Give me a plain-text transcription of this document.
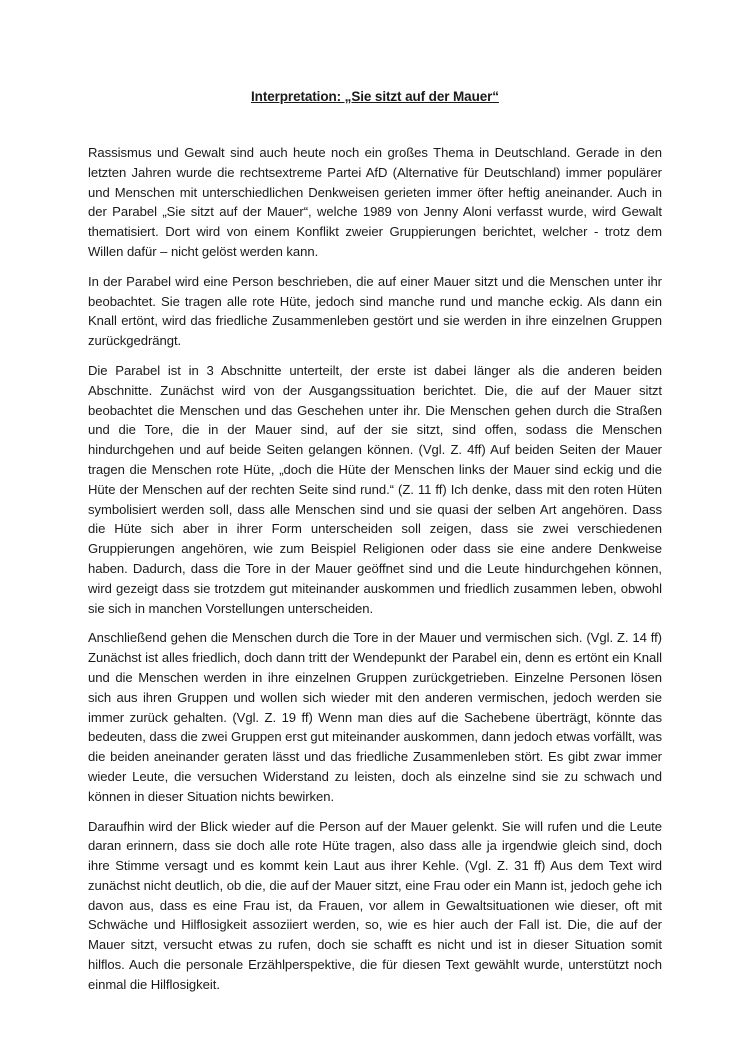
Interpretation: „Sie sitzt auf der Mauer“

Rassismus und Gewalt sind auch heute noch ein großes Thema in Deutschland. Gerade in den letzten Jahren wurde die rechtsextreme Partei AfD (Alternative für Deutschland) immer populärer und Menschen mit unterschiedlichen Denkweisen gerieten immer öfter heftig aneinander. Auch in der Parabel „Sie sitzt auf der Mauer“, welche 1989 von Jenny Aloni verfasst wurde, wird Gewalt thematisiert. Dort wird von einem Konflikt zweier Gruppierungen berichtet, welcher - trotz dem Willen dafür – nicht gelöst werden kann.

In der Parabel wird eine Person beschrieben, die auf einer Mauer sitzt und die Menschen unter ihr beobachtet. Sie tragen alle rote Hüte, jedoch sind manche rund und manche eckig. Als dann ein Knall ertönt, wird das friedliche Zusammenleben gestört und sie werden in ihre einzelnen Gruppen zurückgedrängt.

Die Parabel ist in 3 Abschnitte unterteilt, der erste ist dabei länger als die anderen beiden Abschnitte. Zunächst wird von der Ausgangssituation berichtet. Die, die auf der Mauer sitzt beobachtet die Menschen und das Geschehen unter ihr. Die Menschen gehen durch die Straßen und die Tore, die in der Mauer sind, auf der sie sitzt, sind offen, sodass die Menschen hindurchgehen und auf beide Seiten gelangen können. (Vgl. Z. 4ff) Auf beiden Seiten der Mauer tragen die Menschen rote Hüte, „doch die Hüte der Menschen links der Mauer sind eckig und die Hüte der Menschen auf der rechten Seite sind rund.“ (Z. 11 ff) Ich denke, dass mit den roten Hüten symbolisiert werden soll, dass alle Menschen sind und sie quasi der selben Art angehören. Dass die Hüte sich aber in ihrer Form unterscheiden soll zeigen, dass sie zwei verschiedenen Gruppierungen angehören, wie zum Beispiel Religionen oder dass sie eine andere Denkweise haben. Dadurch, dass die Tore in der Mauer geöffnet sind und die Leute hindurchgehen können, wird gezeigt dass sie trotzdem gut miteinander auskommen und friedlich zusammen leben, obwohl sie sich in manchen Vorstellungen unterscheiden.

Anschließend gehen die Menschen durch die Tore in der Mauer und vermischen sich. (Vgl. Z. 14 ff) Zunächst ist alles friedlich, doch dann tritt der Wendepunkt der Parabel ein, denn es ertönt ein Knall und die Menschen werden in ihre einzelnen Gruppen zurückgetrieben. Einzelne Personen lösen sich aus ihren Gruppen und wollen sich wieder mit den anderen vermischen, jedoch werden sie immer zurück gehalten. (Vgl. Z. 19 ff) Wenn man dies auf die Sachebene überträgt, könnte das bedeuten, dass die zwei Gruppen erst gut miteinander auskommen, dann jedoch etwas vorfällt, was die beiden aneinander geraten lässt und das friedliche Zusammenleben stört. Es gibt zwar immer wieder Leute, die versuchen Widerstand zu leisten, doch als einzelne sind sie zu schwach und können in dieser Situation nichts bewirken.

Daraufhin wird der Blick wieder auf die Person auf der Mauer gelenkt. Sie will rufen und die Leute daran erinnern, dass sie doch alle rote Hüte tragen, also dass alle ja irgendwie gleich sind, doch ihre Stimme versagt und es kommt kein Laut aus ihrer Kehle. (Vgl. Z. 31 ff) Aus dem Text wird zunächst nicht deutlich, ob die, die auf der Mauer sitzt, eine Frau oder ein Mann ist, jedoch gehe ich davon aus, dass es eine Frau ist, da Frauen, vor allem in Gewaltsituationen wie dieser, oft mit Schwäche und Hilflosigkeit assoziiert werden, so, wie es hier auch der Fall ist. Die, die auf der Mauer sitzt, versucht etwas zu rufen, doch sie schafft es nicht und ist in dieser Situation somit hilflos. Auch die personale Erzählperspektive, die für diesen Text gewählt wurde, unterstützt noch einmal die Hilflosigkeit.
